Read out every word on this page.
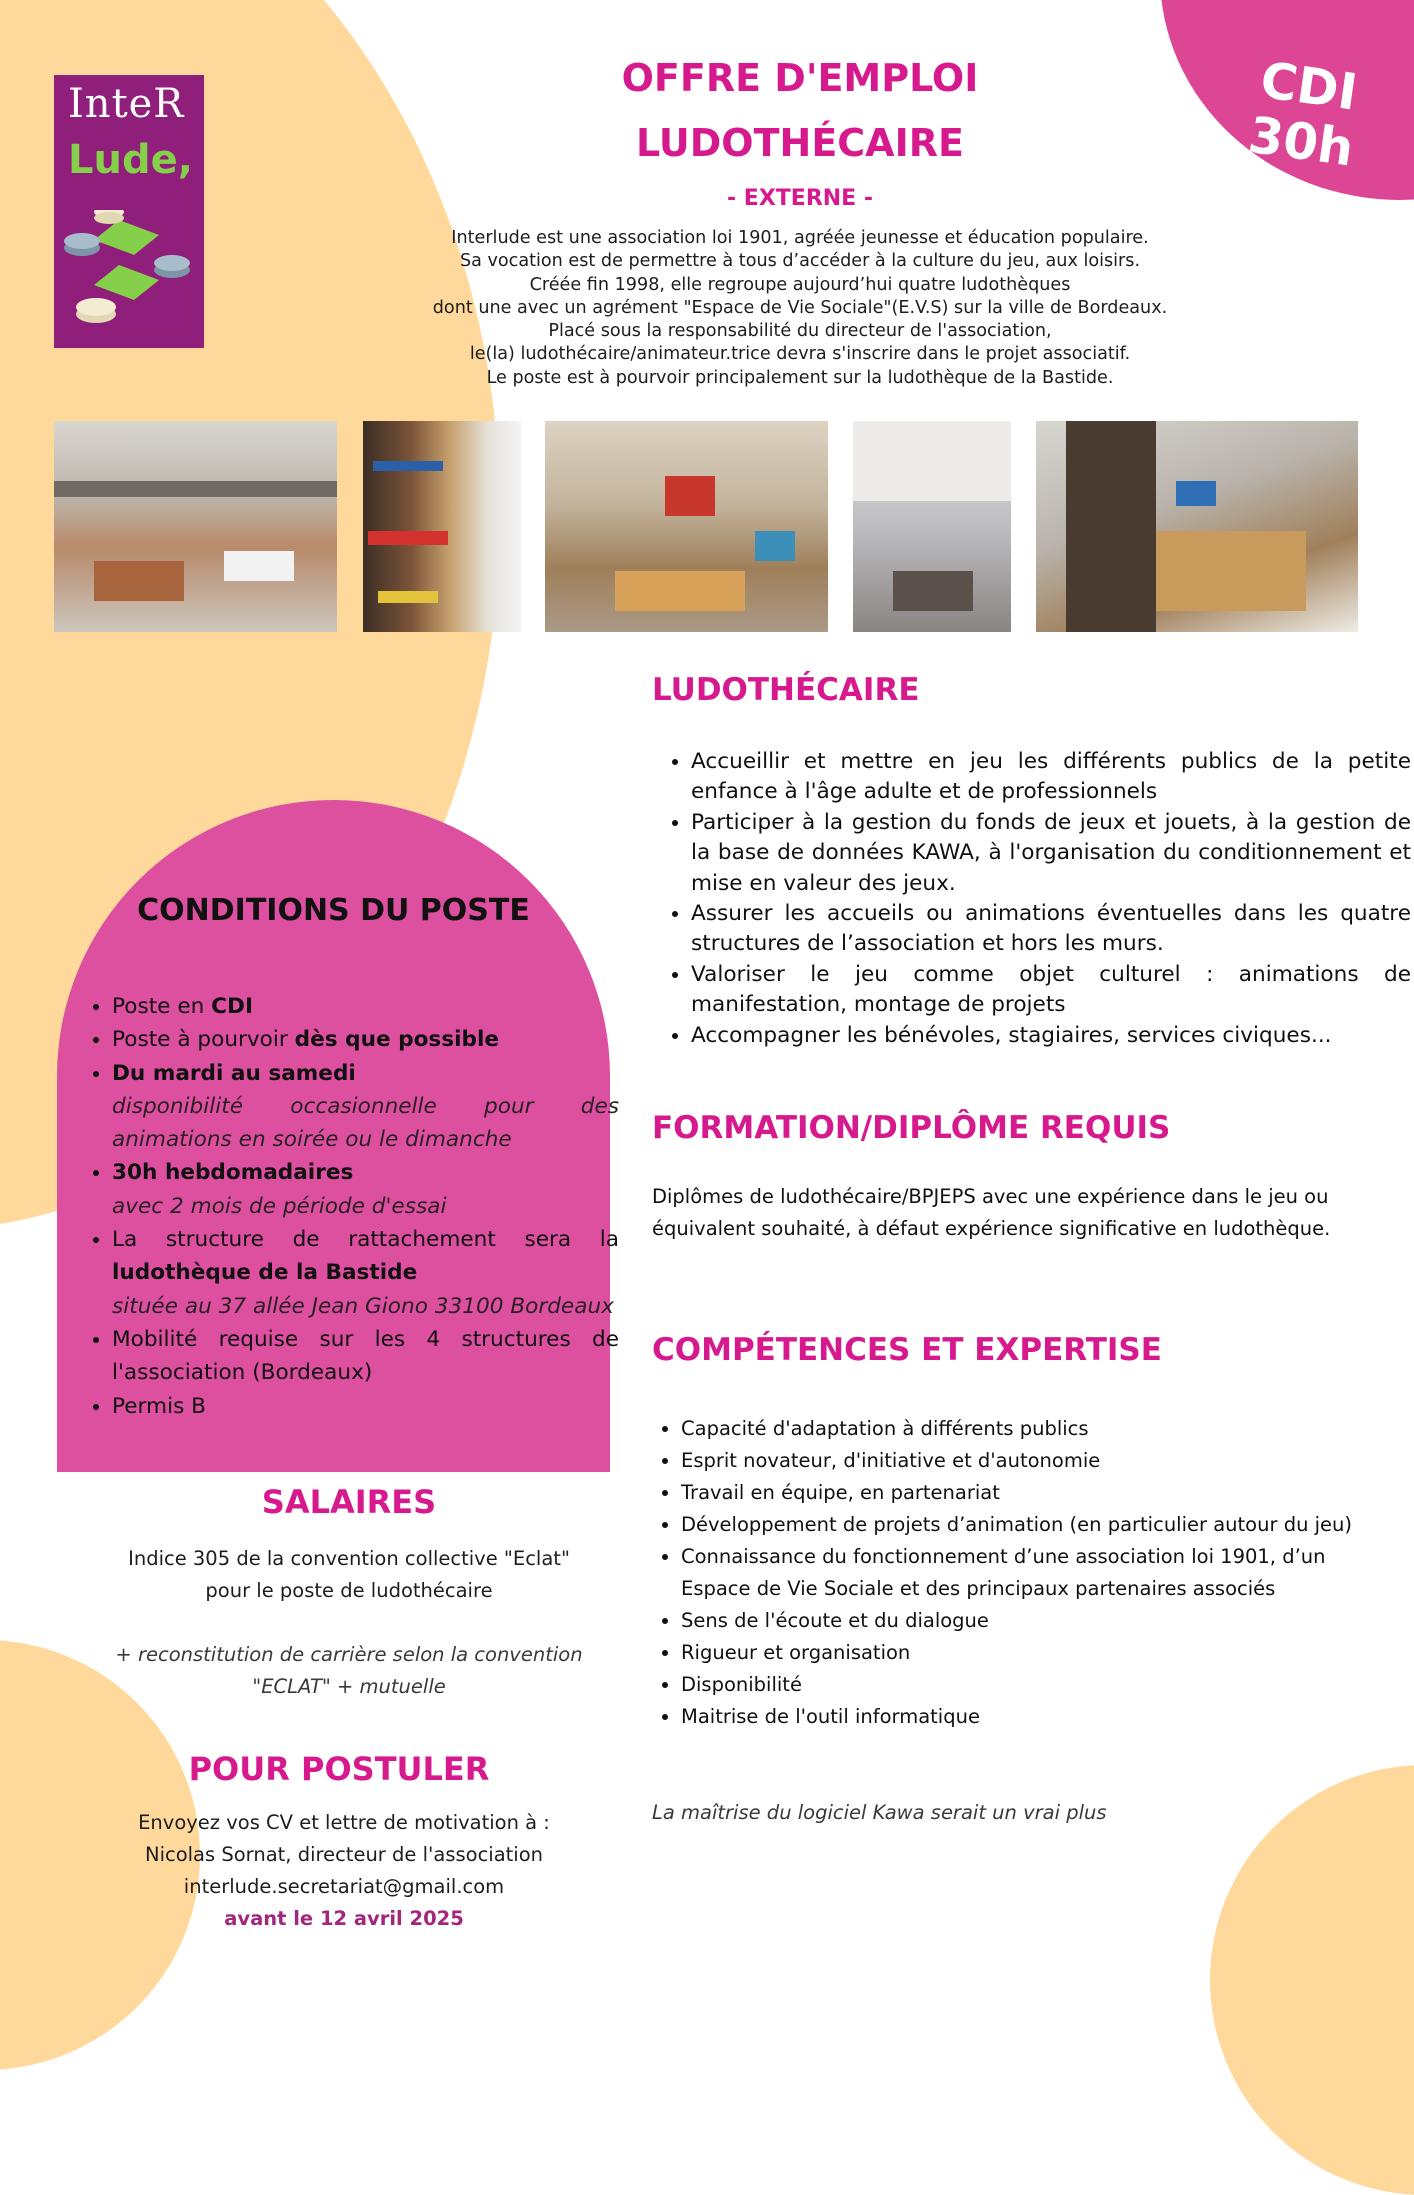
CDI
30h
InteR
Lude,
OFFRE D'EMPLOI
LUDOTHÉCAIRE
- EXTERNE -
Interlude est une association loi 1901, agréée jeunesse et éducation populaire.
Sa vocation est de permettre à tous d’accéder à la culture du jeu, aux loisirs.
Créée fin 1998, elle regroupe aujourd’hui quatre ludothèques
dont une avec un agrément "Espace de Vie Sociale"(E.V.S) sur la ville de Bordeaux.
Placé sous la responsabilité du directeur de l'association,
le(la) ludothécaire/animateur.trice devra s'inscrire dans le projet associatif.
Le poste est à pourvoir principalement sur la ludothèque de la Bastide.
CONDITIONS DU POSTE
• Poste en CDI
• Poste à pourvoir dès que possible
• Du mardi au samedi
disponibilité occasionnelle pour des animations en soirée ou le dimanche
• 30h hebdomadaires
avec 2 mois de période d'essai
• La structure de rattachement sera la ludothèque de la Bastide
située au 37 allée Jean Giono 33100 Bordeaux
• Mobilité requise sur les 4 structures de l'association (Bordeaux)
• Permis B
SALAIRES
Indice 305 de la convention collective "Eclat"
pour le poste de ludothécaire
+ reconstitution de carrière selon la convention "ECLAT" + mutuelle
POUR POSTULER
Envoyez vos CV et lettre de motivation à :
Nicolas Sornat, directeur de l'association
interlude.secretariat@gmail.com
avant le 12 avril 2025
LUDOTHÉCAIRE
• Accueillir et mettre en jeu les différents publics de la petite enfance à l'âge adulte et de professionnels
• Participer à la gestion du fonds de jeux et jouets, à la gestion de la base de données KAWA, à l'organisation du conditionnement et mise en valeur des jeux.
• Assurer les accueils ou animations éventuelles dans les quatre structures de l’association et hors les murs.
• Valoriser le jeu comme objet culturel : animations de manifestation, montage de projets
• Accompagner les bénévoles, stagiaires, services civiques...
FORMATION/DIPLÔME REQUIS
Diplômes de ludothécaire/BPJEPS avec une expérience dans le jeu ou équivalent souhaité, à défaut expérience significative en ludothèque.
COMPÉTENCES ET EXPERTISE
• Capacité d'adaptation à différents publics
• Esprit novateur, d'initiative et d'autonomie
• Travail en équipe, en partenariat
• Développement de projets d’animation (en particulier autour du jeu)
• Connaissance du fonctionnement d’une association loi 1901, d’un Espace de Vie Sociale et des principaux partenaires associés
• Sens de l'écoute et du dialogue
• Rigueur et organisation
• Disponibilité
• Maitrise de l'outil informatique
La maîtrise du logiciel Kawa serait un vrai plus
